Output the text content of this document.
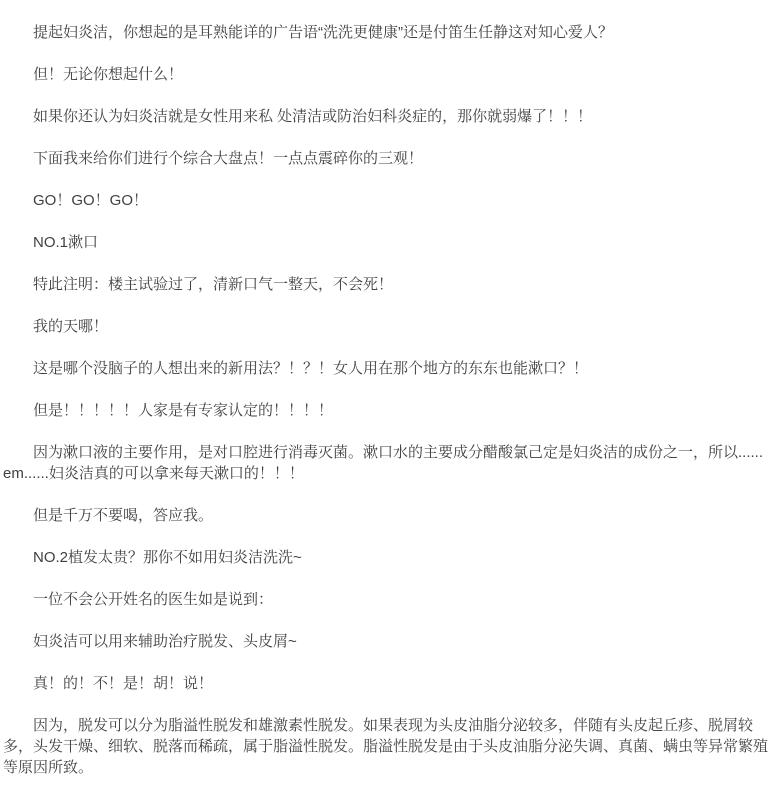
提起妇炎洁，你想起的是耳熟能详的广告语“洗洗更健康”还是付笛生任静这对知心爱人？

但！无论你想起什么！

如果你还认为妇炎洁就是女性用来私 处清洁或防治妇科炎症的，那你就弱爆了！！！

下面我来给你们进行个综合大盘点！一点点震碎你的三观！

GO！GO！GO！

NO.1漱口

特此注明：楼主试验过了，清新口气一整天，不会死！

我的天哪！

这是哪个没脑子的人想出来的新用法？！？！女人用在那个地方的东东也能漱口？！

但是！！！！！人家是有专家认定的！！！！

因为漱口液的主要作用，是对口腔进行消毒灭菌。漱口水的主要成分醋酸氯己定是妇炎洁的成份之一，所以......em......妇炎洁真的可以拿来每天漱口的！！！

但是千万不要喝，答应我。

NO.2植发太贵？那你不如用妇炎洁洗洗~

一位不会公开姓名的医生如是说到：

妇炎洁可以用来辅助治疗脱发、头皮屑~

真！的！不！是！胡！说！

因为，脱发可以分为脂溢性脱发和雄激素性脱发。如果表现为头皮油脂分泌较多，伴随有头皮起丘疹、脱屑较多，头发干燥、细软、脱落而稀疏，属于脂溢性脱发。脂溢性脱发是由于头皮油脂分泌失调、真菌、螨虫等异常繁殖等原因所致。
